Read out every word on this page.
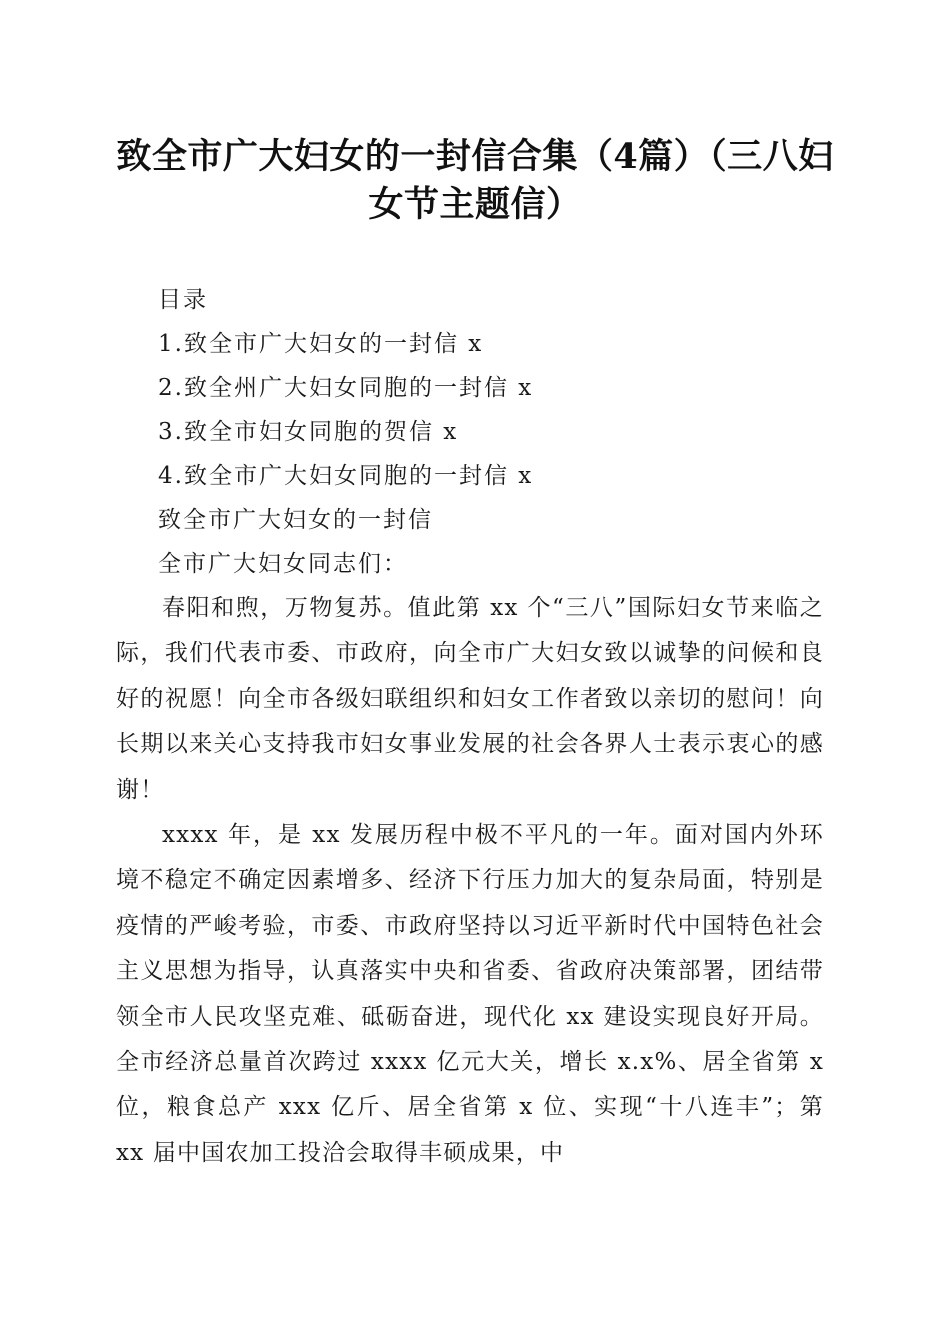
致全市广大妇女的一封信合集（4篇）（三八妇女节主题信）
目录
1.致全市广大妇女的一封信 x
2.致全州广大妇女同胞的一封信 x
3.致全市妇女同胞的贺信 x
4.致全市广大妇女同胞的一封信 x
致全市广大妇女的一封信
全市广大妇女同志们：

春阳和煦，万物复苏。值此第 xx 个“三八”国际妇女节来临之际，我们代表市委、市政府，向全市广大妇女致以诚挚的问候和良好的祝愿！向全市各级妇联组织和妇女工作者致以亲切的慰问！向长期以来关心支持我市妇女事业发展的社会各界人士表示衷心的感谢！

xxxx 年，是 xx 发展历程中极不平凡的一年。面对国内外环境不稳定不确定因素增多、经济下行压力加大的复杂局面，特别是疫情的严峻考验，市委、市政府坚持以习近平新时代中国特色社会主义思想为指导，认真落实中央和省委、省政府决策部署，团结带领全市人民攻坚克难、砥砺奋进，现代化 xx 建设实现良好开局。全市经济总量首次跨过 xxxx 亿元大关，增长 x.x%、居全省第 x 位，粮食总产 xxx 亿斤、居全省第 x 位、实现“十八连丰”；第 xx 届中国农加工投洽会取得丰硕成果，中
